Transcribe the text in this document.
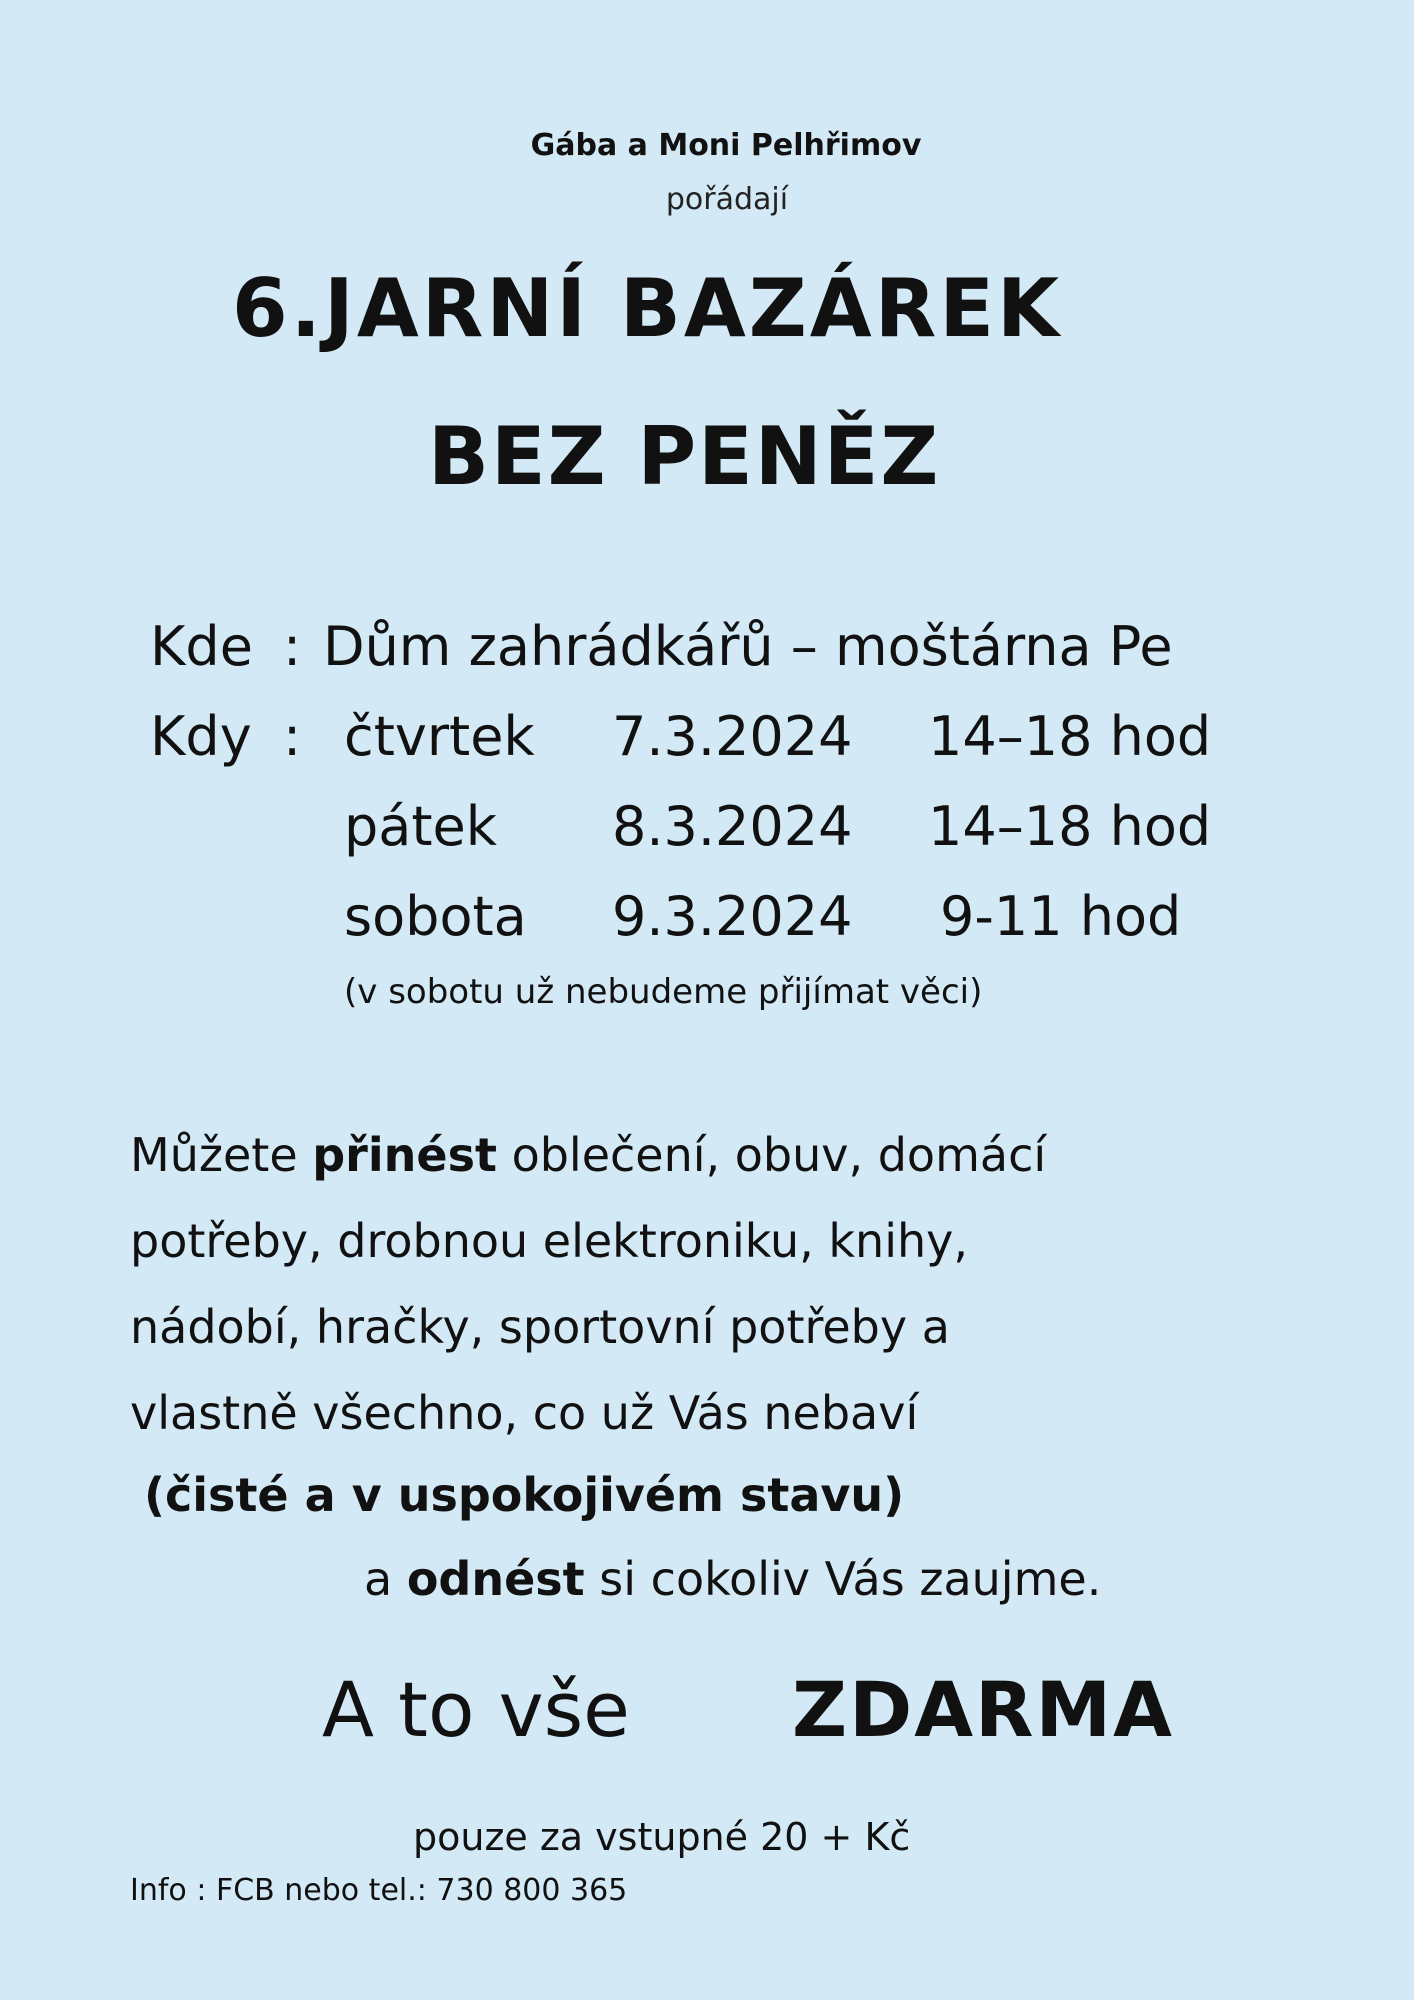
Gába a Moni Pelhřimov
pořádají
6.JARNÍ BAZÁREK
BEZ PENĚZ
Kde : Dům zahrádkářů – moštárna Pe
Kdy : čtvrtek 7.3.2024 14–18 hod
pátek 8.3.2024 14–18 hod
sobota 9.3.2024 9-11 hod
(v sobotu už nebudeme přijímat věci)
Můžete přinést oblečení, obuv, domácí
potřeby, drobnou elektroniku, knihy,
nádobí, hračky, sportovní potřeby a
vlastně všechno, co už Vás nebaví
(čisté a v uspokojivém stavu)
a odnést si cokoliv Vás zaujme.
A to vše ZDARMA
pouze za vstupné 20 + Kč
Info : FCB nebo tel.: 730 800 365
